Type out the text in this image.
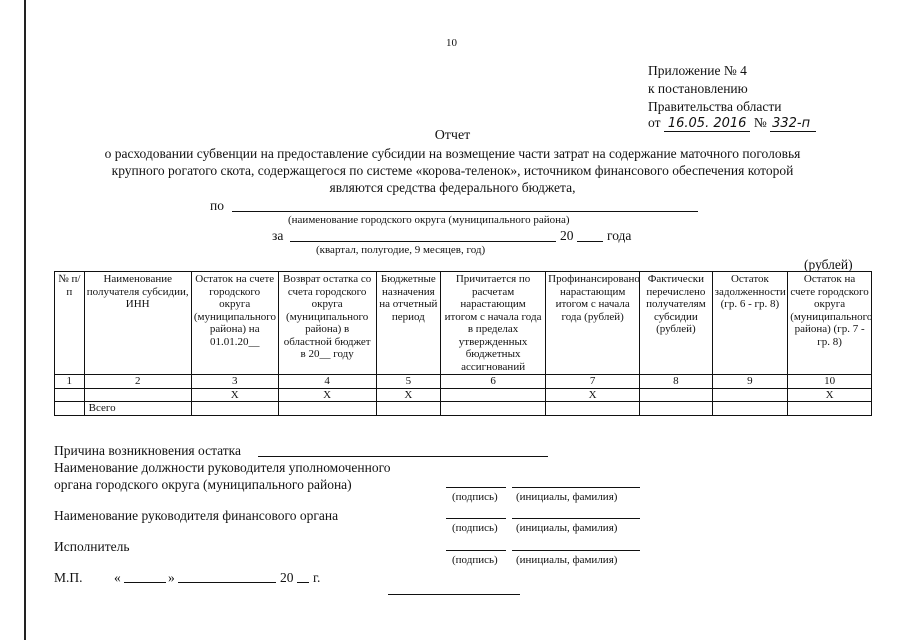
10
Приложение № 4
к постановлению
Правительства области
от 16.05. 2016 № 332-п
Отчет
о расходовании субвенции на предоставление субсидии на возмещение части затрат на содержание маточного поголовья
крупного рогатого скота, содержащегося по системе «корова-теленок», источником финансового обеспечения которой
являются средства федерального бюджета,
по
(наименование городского округа (муниципального района)
за	20 года
(квартал, полугодие, 9 месяцев, год)
(рублей)
№ п/п	Наименование получателя субсидии, ИНН	Остаток на счете городского округа (муниципального района) на 01.01.20__	Возврат остатка со счета городского округа (муниципального района) в областной бюджет в 20__ году	Бюджетные назначения на отчетный период	Причитается по расчетам нарастающим итогом с начала года в пределах утвержденных бюджетных ассигнований	Профинансировано нарастающим итогом с начала года (рублей)	Фактически перечислено получателям субсидии (рублей)	Остаток задолженности (гр. 6 - гр. 8)	Остаток на счете городского округа (муниципального района) (гр. 7 - гр. 8)
1	2	3	4	5	6	7	8	9	10
		Х	Х	Х		Х			Х
	Всего								
Причина возникновения остатка
Наименование должности руководителя уполномоченного
органа городского округа (муниципального района)
(подпись) (инициалы, фамилия)
Наименование руководителя финансового органа
(подпись) (инициалы, фамилия)
Исполнитель
(подпись) (инициалы, фамилия)
М.П. «	»	20 г.
